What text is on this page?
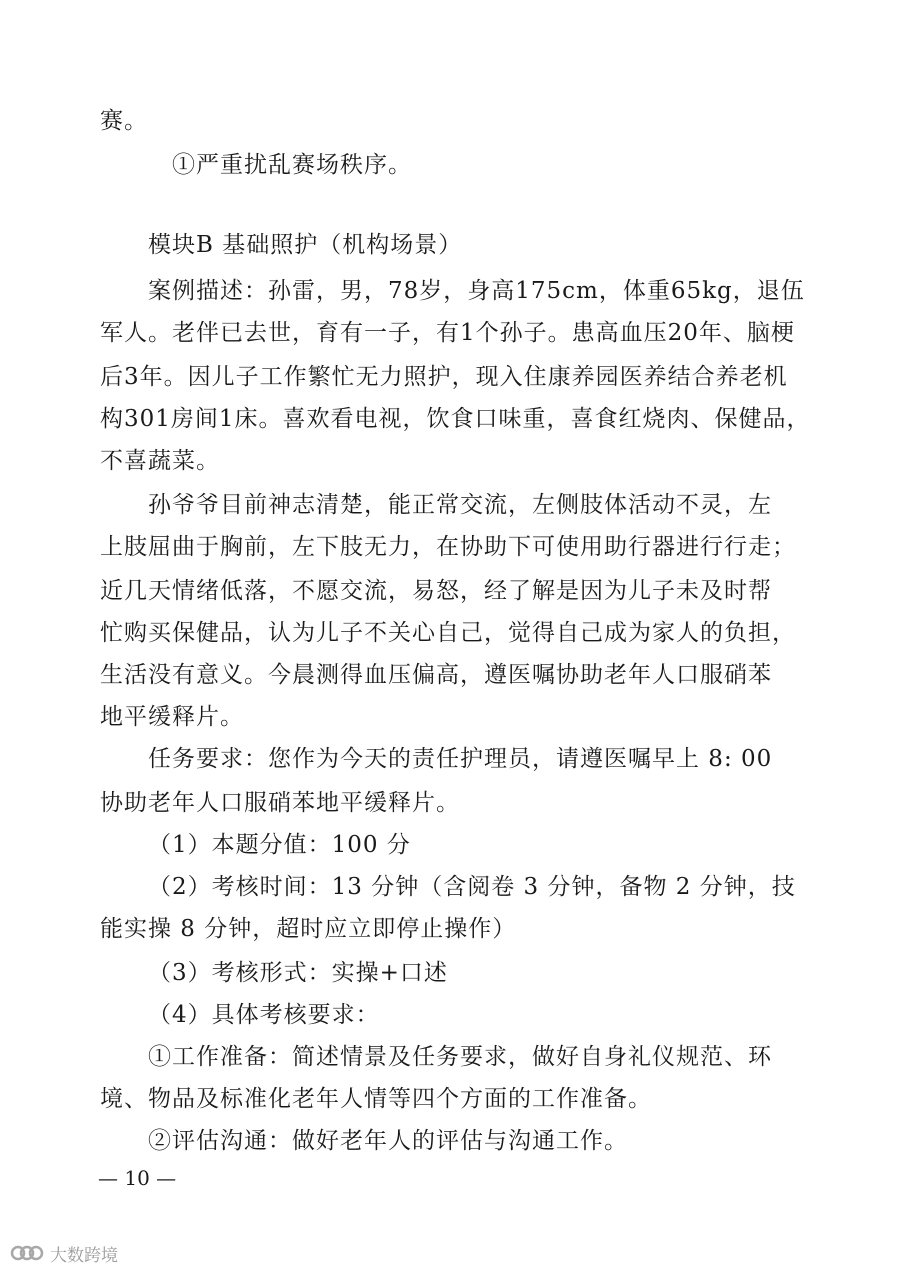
赛。
①严重扰乱赛场秩序。
模块B 基础照护（机构场景）
案例描述：孙雷，男，78岁，身高175cm，体重65kg，退伍
军人。老伴已去世，育有一子，有1个孙子。患高血压20年、脑梗
后3年。因儿子工作繁忙无力照护，现入住康养园医养结合养老机
构301房间1床。喜欢看电视，饮食口味重，喜食红烧肉、保健品，
不喜蔬菜。
孙爷爷目前神志清楚，能正常交流，左侧肢体活动不灵，左
上肢屈曲于胸前，左下肢无力，在协助下可使用助行器进行行走；
近几天情绪低落，不愿交流，易怒，经了解是因为儿子未及时帮
忙购买保健品，认为儿子不关心自己，觉得自己成为家人的负担，
生活没有意义。今晨测得血压偏高，遵医嘱协助老年人口服硝苯
地平缓释片。
任务要求：您作为今天的责任护理员，请遵医嘱早上 8: 00
协助老年人口服硝苯地平缓释片。
（1）本题分值：100 分
（2）考核时间：13 分钟（含阅卷 3 分钟，备物 2 分钟，技
能实操 8 分钟，超时应立即停止操作）
（3）考核形式：实操+口述
（4）具体考核要求：
①工作准备：简述情景及任务要求，做好自身礼仪规范、环
境、物品及标准化老年人情等四个方面的工作准备。
②评估沟通：做好老年人的评估与沟通工作。
— 10 —
大数跨境
